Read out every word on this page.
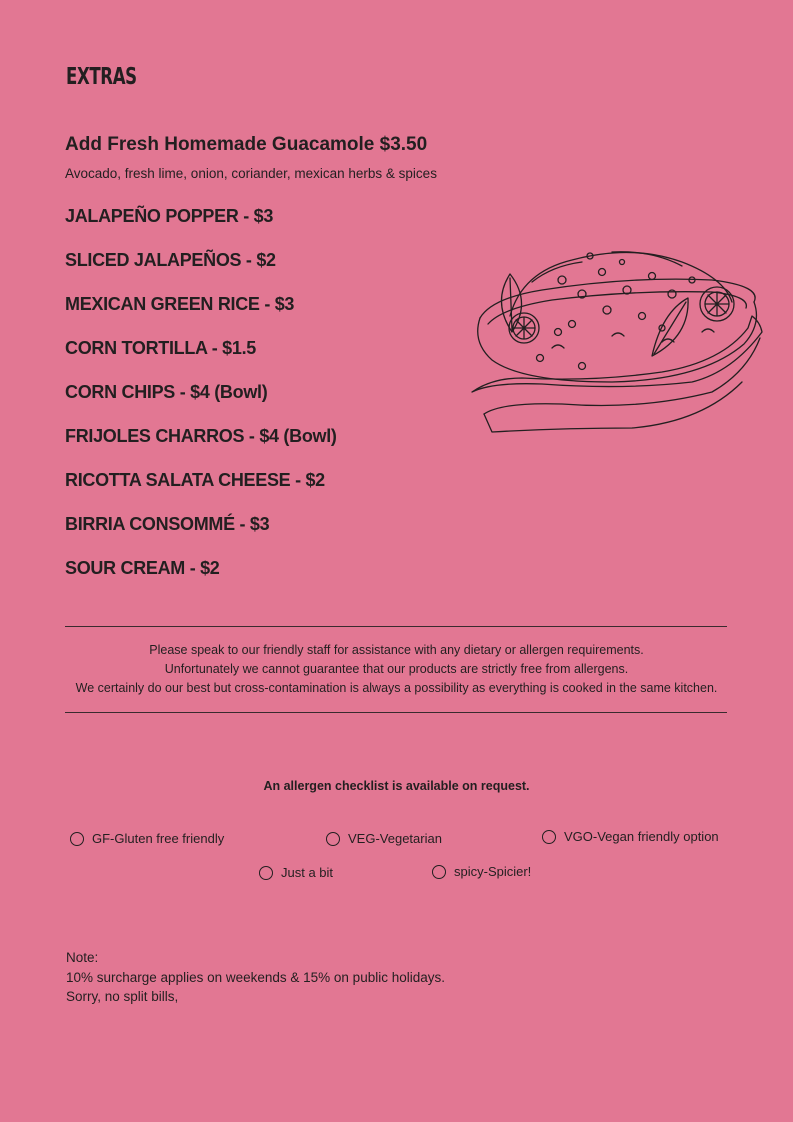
EXTRAS
Add Fresh Homemade Guacamole $3.50
Avocado, fresh lime, onion, coriander, mexican herbs & spices
JALAPEÑO POPPER - $3
SLICED JALAPEÑOS - $2
MEXICAN GREEN RICE - $3
CORN TORTILLA - $1.5
CORN CHIPS - $4 (Bowl)
FRIJOLES CHARROS - $4 (Bowl)
RICOTTA SALATA CHEESE - $2
BIRRIA CONSOMMÉ - $3
SOUR CREAM - $2
Please speak to our friendly staff for assistance with any dietary or allergen requirements.
Unfortunately we cannot guarantee that our products are strictly free from allergens.
We certainly do our best but cross-contamination is always a possibility as everything is cooked in the same kitchen.
An allergen checklist is available on request.
GF-Gluten free friendly	VEG-Vegetarian	VGO-Vegan friendly option
Just a bit	spicy-Spicier!
Note:
10% surcharge applies on weekends & 15% on public holidays.
Sorry, no split bills,
